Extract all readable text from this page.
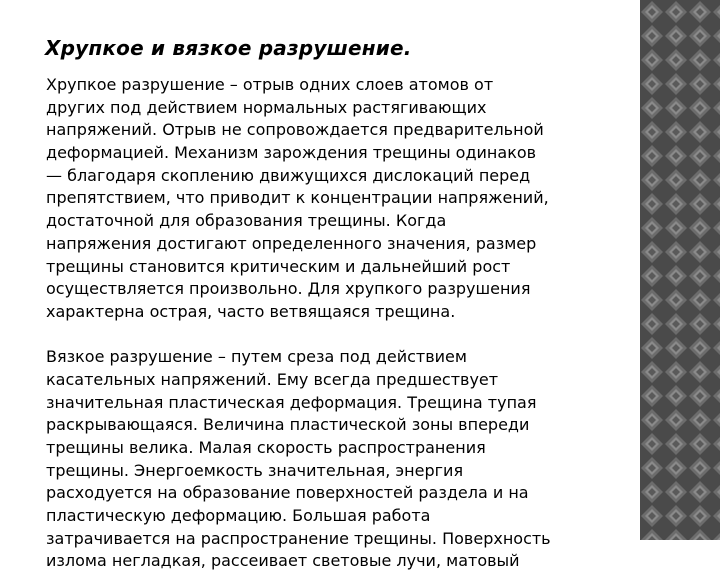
Хрупкое и вязкое разрушение.
Хрупкое разрушение – отрыв одних слоев атомов от
других под действием нормальных растягивающих
напряжений. Отрыв не сопровождается предварительной
деформацией. Механизм зарождения трещины одинаков
— благодаря скоплению движущихся дислокаций перед
препятствием, что приводит к концентрации напряжений,
достаточной для образования трещины. Когда
напряжения достигают определенного значения, размер
трещины становится критическим и дальнейший рост
осуществляется произвольно. Для хрупкого разрушения
характерна острая, часто ветвящаяся трещина.
Вязкое разрушение – путем среза под действием
касательных напряжений. Ему всегда предшествует
значительная пластическая деформация. Трещина тупая
раскрывающаяся. Величина пластической зоны впереди
трещины велика. Малая скорость распространения
трещины. Энергоемкость значительная, энергия
расходуется на образование поверхностей раздела и на
пластическую деформацию. Большая работа
затрачивается на распространение трещины. Поверхность
излома негладкая, рассеивает световые лучи, матовый
